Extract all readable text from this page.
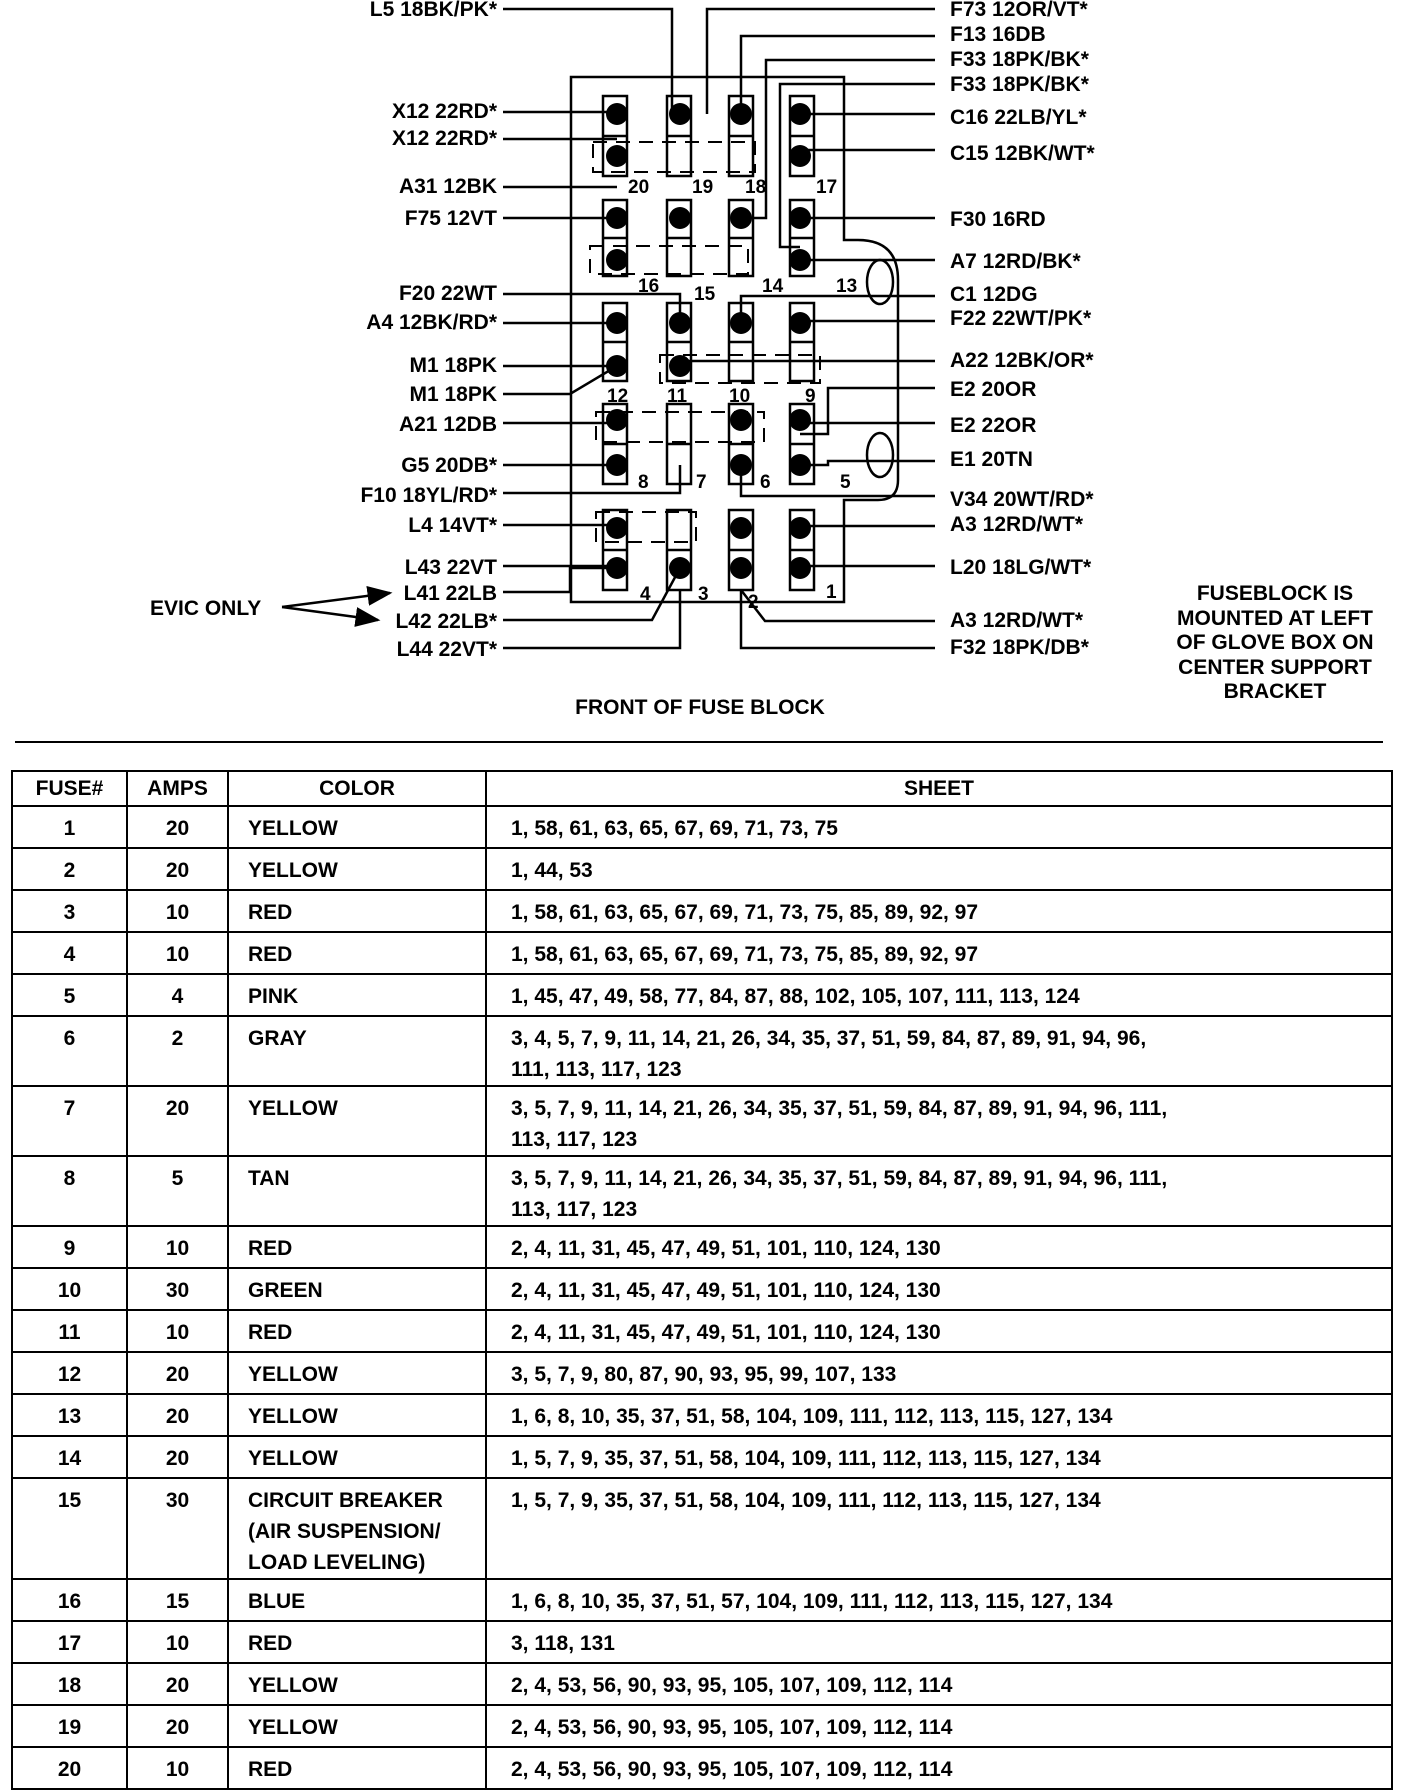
L5 18BK/PK*
X12 22RD*
X12 22RD*
A31 12BK
F75 12VT
F20 22WT
A4 12BK/RD*
M1 18PK
M1 18PK
A21 12DB
G5 20DB*
F10 18YL/RD*
L4 14VT*
L43 22VT
L41 22LB
L42 22LB*
L44 22VT*
F73 12OR/VT*
F13 16DB
F33 18PK/BK*
F33 18PK/BK*
C16 22LB/YL*
C15 12BK/WT*
F30 16RD
A7 12RD/BK*
C1 12DG
F22 22WT/PK*
A22 12BK/OR*
E2 20OR
E2 22OR
E1 20TN
V34 20WT/RD*
A3 12RD/WT*
L20 18LG/WT*
A3 12RD/WT*
F32 18PK/DB*
20 19 18	17
16 15 14	13
12 11 10	9
8 7	6	5
4 3 2	1
EVIC ONLY
FRONT OF FUSE BLOCK
FUSEBLOCK IS
MOUNTED AT LEFT
OF GLOVE BOX ON
CENTER SUPPORT
BRACKET
FUSE#	AMPS	COLOR	SHEET
1	20	YELLOW	1, 58, 61, 63, 65, 67, 69, 71, 73, 75

2	20	YELLOW	1, 44, 53

3	10	RED	1, 58, 61, 63, 65, 67, 69, 71, 73, 75, 85, 89, 92, 97

4	10	RED	1, 58, 61, 63, 65, 67, 69, 71, 73, 75, 85, 89, 92, 97

5	4	PINK	1, 45, 47, 49, 58, 77, 84, 87, 88, 102, 105, 107, 111, 113, 124

6	2	GRAY	3, 4, 5, 7, 9, 11, 14, 21, 26, 34, 35, 37, 51, 59, 84, 87, 89, 91, 94, 96,
111, 113, 117, 123

7	20	YELLOW	3, 5, 7, 9, 11, 14, 21, 26, 34, 35, 37, 51, 59, 84, 87, 89, 91, 94, 96, 111,
113, 117, 123

8	5	TAN	3, 5, 7, 9, 11, 14, 21, 26, 34, 35, 37, 51, 59, 84, 87, 89, 91, 94, 96, 111,
113, 117, 123

9	10	RED	2, 4, 11, 31, 45, 47, 49, 51, 101, 110, 124, 130

10	30	GREEN	2, 4, 11, 31, 45, 47, 49, 51, 101, 110, 124, 130

11	10	RED	2, 4, 11, 31, 45, 47, 49, 51, 101, 110, 124, 130

12	20	YELLOW	3, 5, 7, 9, 80, 87, 90, 93, 95, 99, 107, 133

13	20	YELLOW	1, 6, 8, 10, 35, 37, 51, 58, 104, 109, 111, 112, 113, 115, 127, 134

14	20	YELLOW	1, 5, 7, 9, 35, 37, 51, 58, 104, 109, 111, 112, 113, 115, 127, 134

15	30	CIRCUIT BREAKER
(AIR SUSPENSION/
LOAD LEVELING)	1, 5, 7, 9, 35, 37, 51, 58, 104, 109, 111, 112, 113, 115, 127, 134

16	15	BLUE	1, 6, 8, 10, 35, 37, 51, 57, 104, 109, 111, 112, 113, 115, 127, 134

17	10	RED	3, 118, 131

18	20	YELLOW	2, 4, 53, 56, 90, 93, 95, 105, 107, 109, 112, 114

19	20	YELLOW	2, 4, 53, 56, 90, 93, 95, 105, 107, 109, 112, 114

20	10	RED	2, 4, 53, 56, 90, 93, 95, 105, 107, 109, 112, 114
